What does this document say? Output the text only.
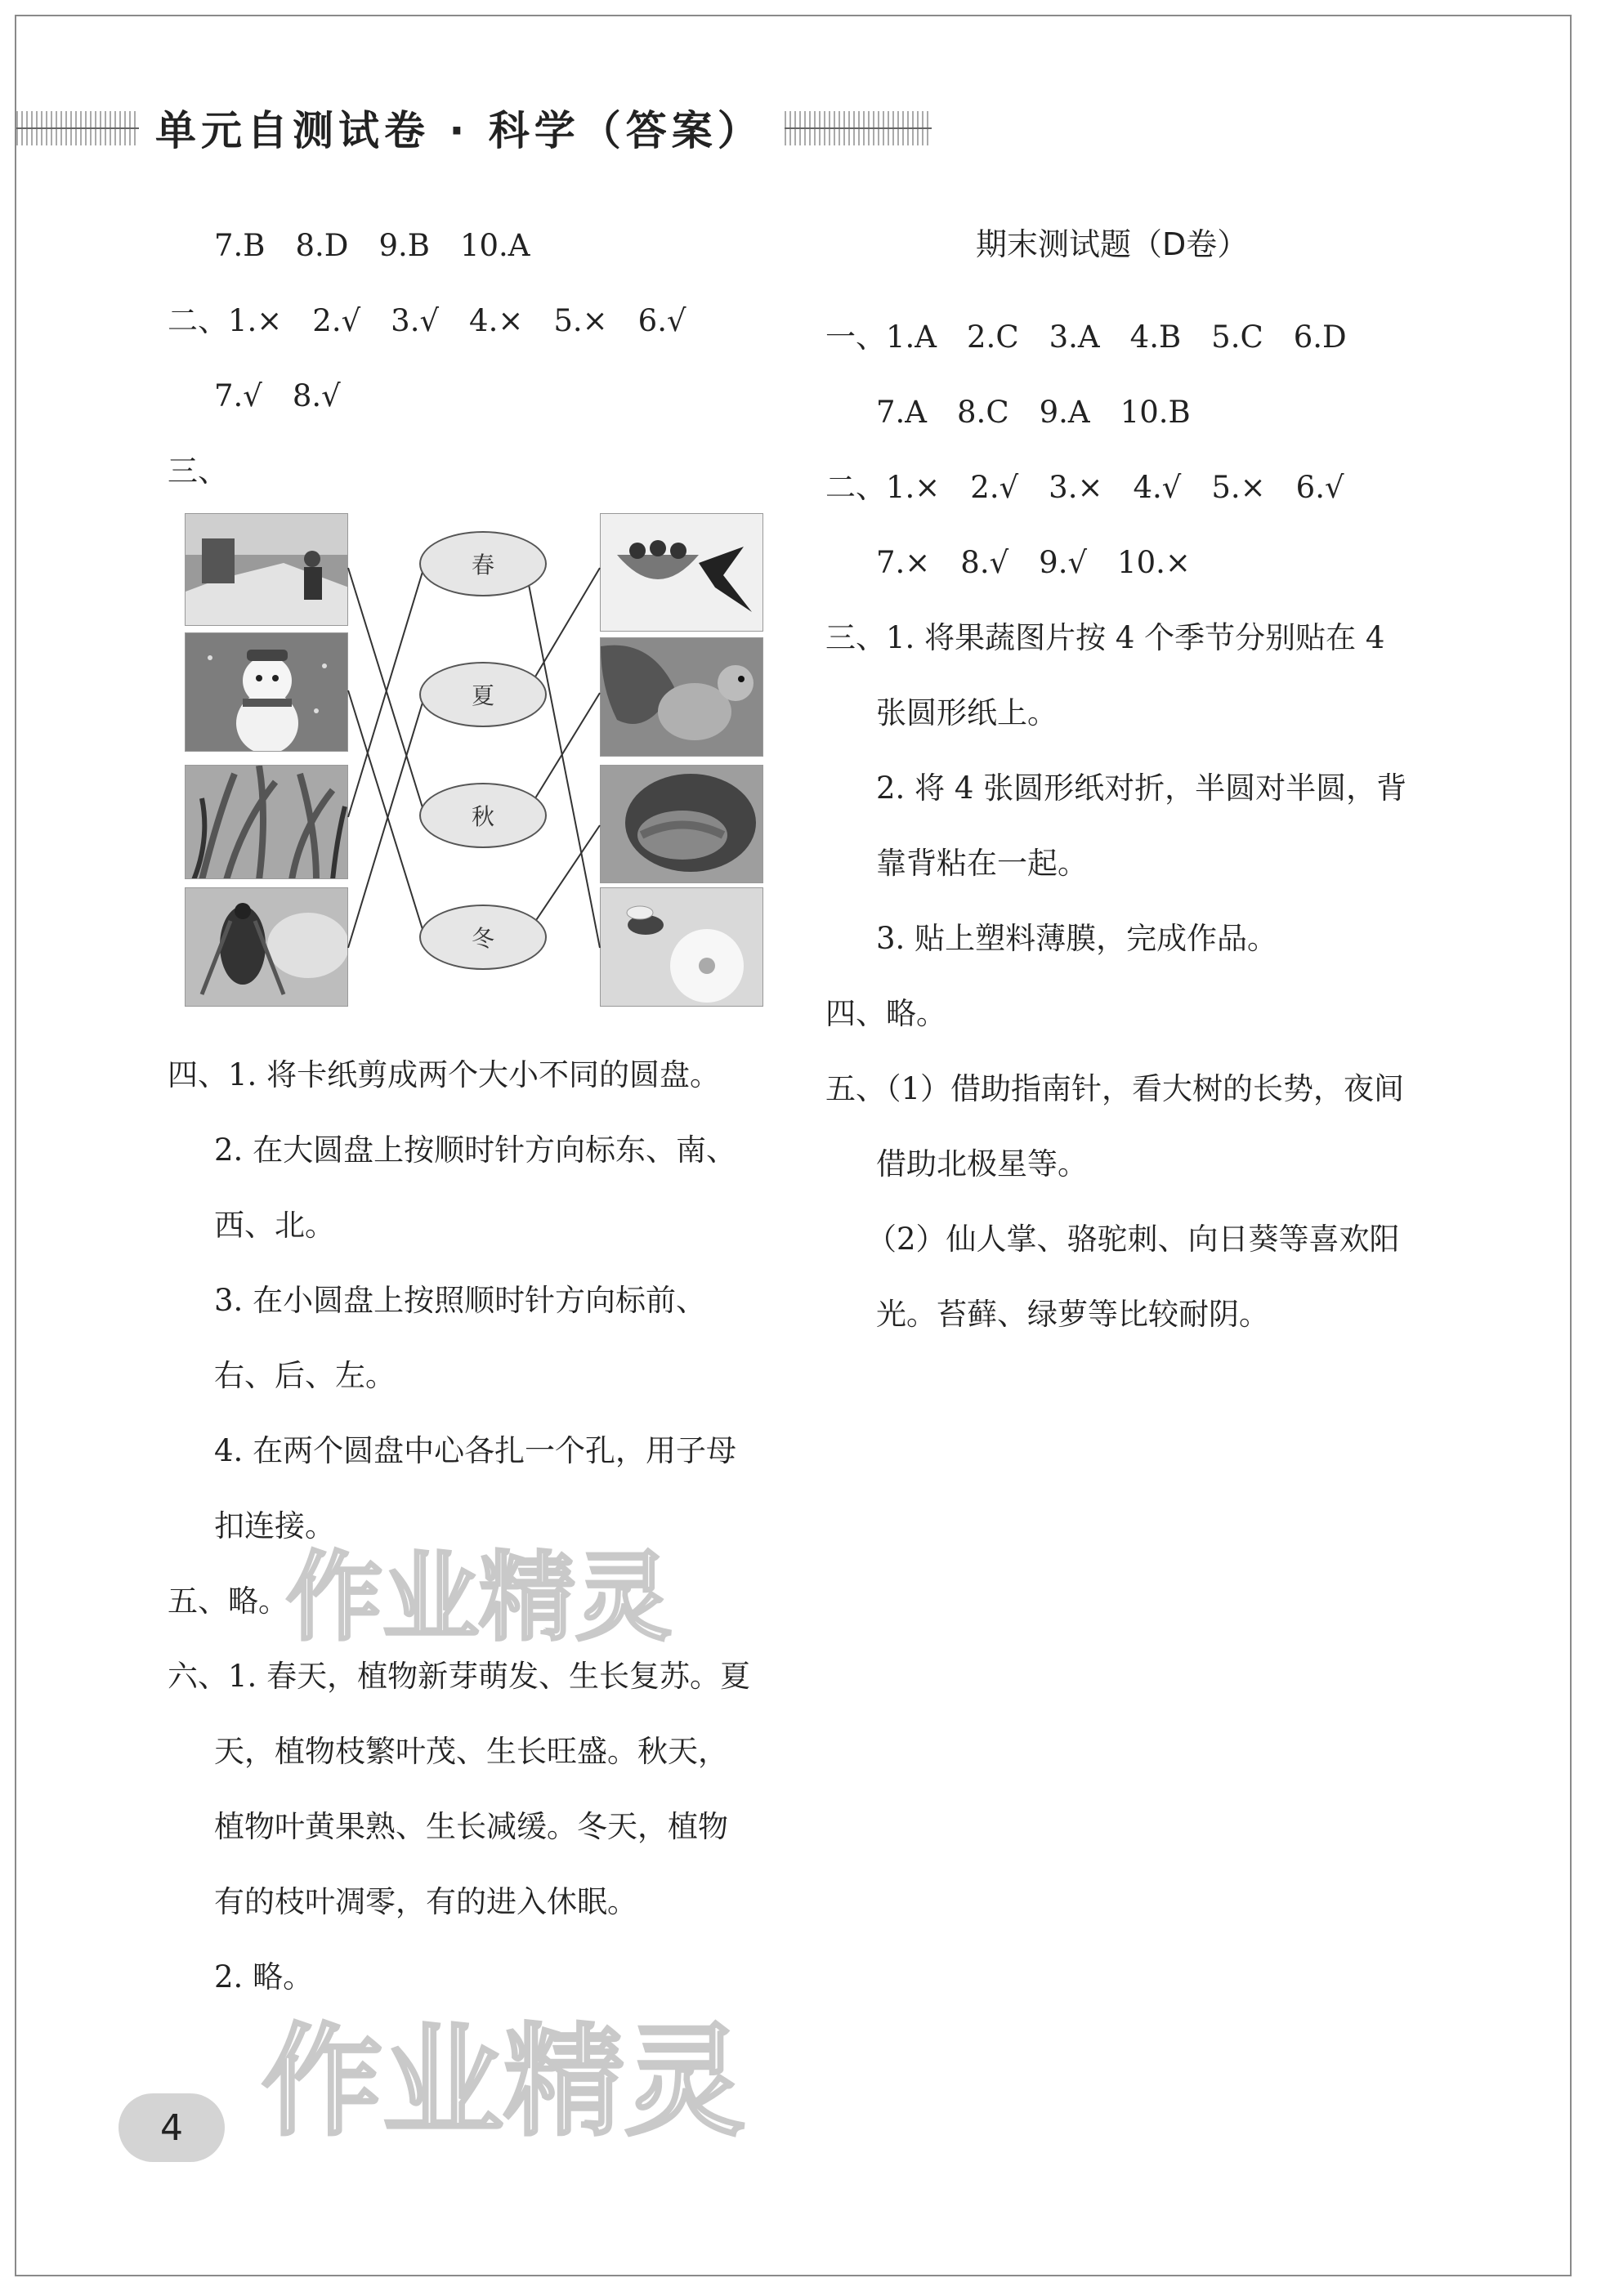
单元自测试卷 · 科学（答案）
7.B　8.D　9.B　10.A
二、1.×　2.√　3.√　4.×　5.×　6.√
7.√　8.√
三、
春
夏
秋
冬
四、1. 将卡纸剪成两个大小不同的圆盘。
2. 在大圆盘上按顺时针方向标东、南、
西、北。
3. 在小圆盘上按照顺时针方向标前、
右、后、左。
4. 在两个圆盘中心各扎一个孔，用子母
扣连接。
五、略。
六、1. 春天，植物新芽萌发、生长复苏。夏
天，植物枝繁叶茂、生长旺盛。秋天，
植物叶黄果熟、生长减缓。冬天，植物
有的枝叶凋零，有的进入休眠。
2. 略。
期末测试题（D卷）
一、1.A　2.C　3.A　4.B　5.C　6.D
7.A　8.C　9.A　10.B
二、1.×　2.√　3.×　4.√　5.×　6.√
7.×　8.√　9.√　10.×
三、1. 将果蔬图片按 4 个季节分别贴在 4
张圆形纸上。
2. 将 4 张圆形纸对折，半圆对半圆，背
靠背粘在一起。
3. 贴上塑料薄膜，完成作品。
四、略。
五、（1）借助指南针，看大树的长势，夜间
借助北极星等。
（2）仙人掌、骆驼刺、向日葵等喜欢阳
光。苔藓、绿萝等比较耐阴。
作业精灵
作业精灵
4
